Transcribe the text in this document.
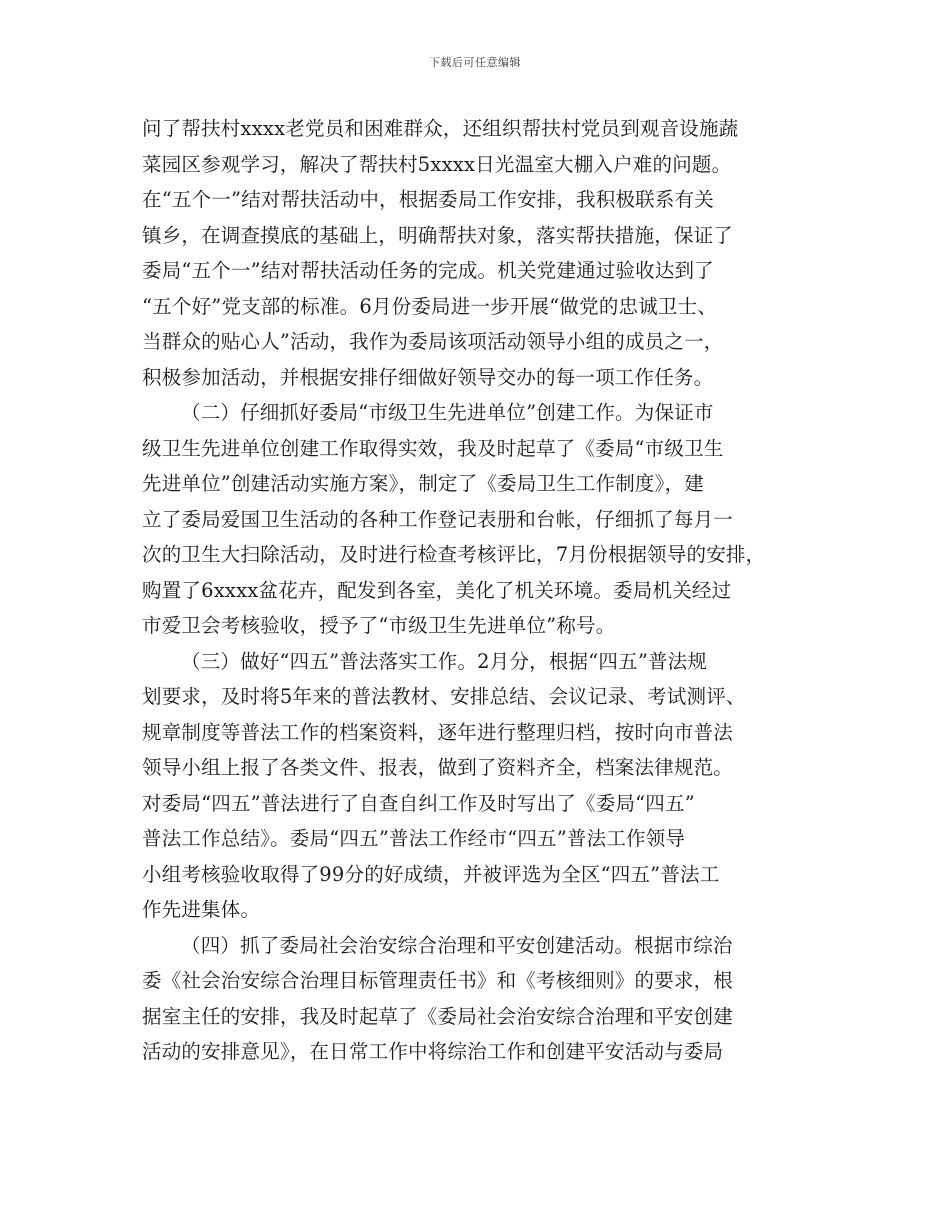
下载后可任意编辑
问了帮扶村xxxx老党员和困难群众，还组织帮扶村党员到观音设施蔬
菜园区参观学习，解决了帮扶村5xxxx日光温室大棚入户难的问题。
在“五个一”结对帮扶活动中，根据委局工作安排，我积极联系有关
镇乡，在调查摸底的基础上，明确帮扶对象，落实帮扶措施，保证了
委局“五个一”结对帮扶活动任务的完成。机关党建通过验收达到了
“五个好”党支部的标准。6月份委局进一步开展“做党的忠诚卫士、
当群众的贴心人”活动，我作为委局该项活动领导小组的成员之一，
积极参加活动，并根据安排仔细做好领导交办的每一项工作任务。
（二）仔细抓好委局“市级卫生先进单位”创建工作。为保证市
级卫生先进单位创建工作取得实效，我及时起草了《委局“市级卫生
先进单位”创建活动实施方案》，制定了《委局卫生工作制度》，建
立了委局爱国卫生活动的各种工作登记表册和台帐，仔细抓了每月一
次的卫生大扫除活动，及时进行检查考核评比，7月份根据领导的安排，
购置了6xxxx盆花卉，配发到各室，美化了机关环境。委局机关经过
市爱卫会考核验收，授予了“市级卫生先进单位”称号。
（三）做好“四五”普法落实工作。2月分，根据“四五”普法规
划要求，及时将5年来的普法教材、安排总结、会议记录、考试测评、
规章制度等普法工作的档案资料，逐年进行整理归档，按时向市普法
领导小组上报了各类文件、报表，做到了资料齐全，档案法律规范。
对委局“四五”普法进行了自查自纠工作及时写出了《委局“四五”
普法工作总结》。委局“四五”普法工作经市“四五”普法工作领导
小组考核验收取得了99分的好成绩，并被评选为全区“四五”普法工
作先进集体。
（四）抓了委局社会治安综合治理和平安创建活动。根据市综治
委《社会治安综合治理目标管理责任书》和《考核细则》的要求，根
据室主任的安排，我及时起草了《委局社会治安综合治理和平安创建
活动的安排意见》，在日常工作中将综治工作和创建平安活动与委局
